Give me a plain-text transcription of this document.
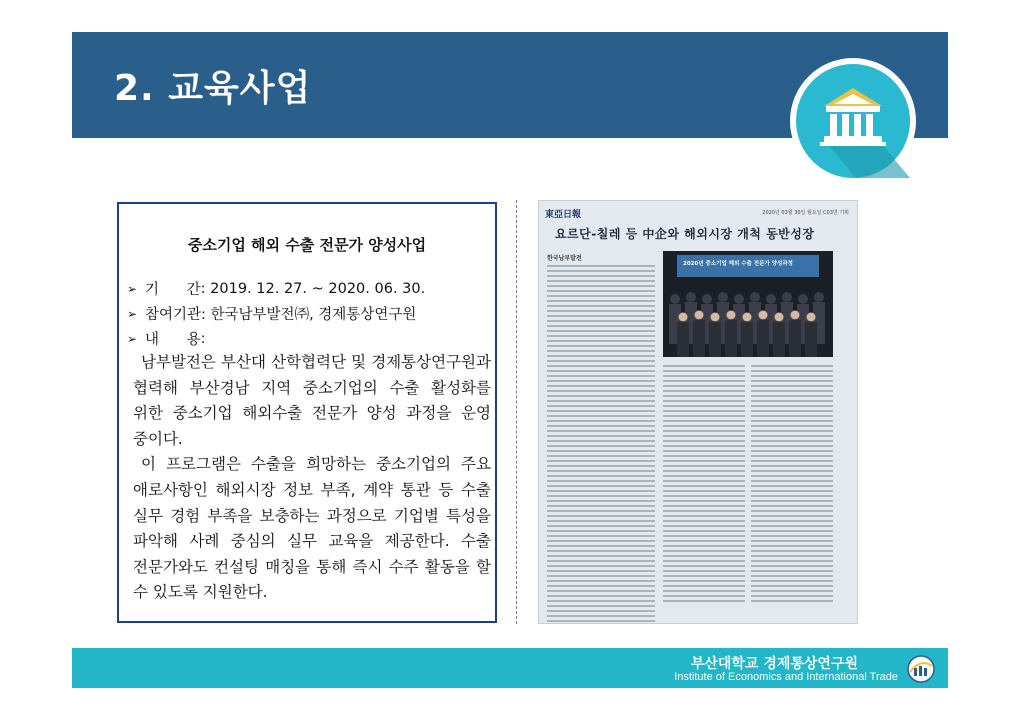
2. 교육사업
중소기업 해외 수출 전문가 양성사업
➢ 기      간 : 2019. 12. 27. ~ 2020. 06. 30.
➢ 참여기관 : 한국남부발전㈜, 경제통상연구원
➢ 내      용 :

남부발전은 부산대 산학협력단 및 경제통상연구원과 협력해 부산경남 지역 중소기업의 수출 활성화를 위한 중소기업 해외수출 전문가 양성 과정을 운영 중이다.

이 프로그램은 수출을 희망하는 중소기업의 주요 애로사항인 해외시장 정보 부족, 계약 통관 등 수출 실무 경험 부족을 보충하는 과정으로 기업별 특성을 파악해 사례 중심의 실무 교육을 제공한다. 수출 전문가와도 컨설팅 매칭을 통해 즉시 수주 활동을 할 수 있도록 지원한다.

東亞日報	2020년 03월 30일 월요일 C03면 기획
요르단-칠레 등 中企와 해외시장 개척 동반성장
한국남부발전
2020년 중소기업 해외 수출 전문가 양성과정
부산대학교 경제통상연구원
Institute of Economics and International Trade
